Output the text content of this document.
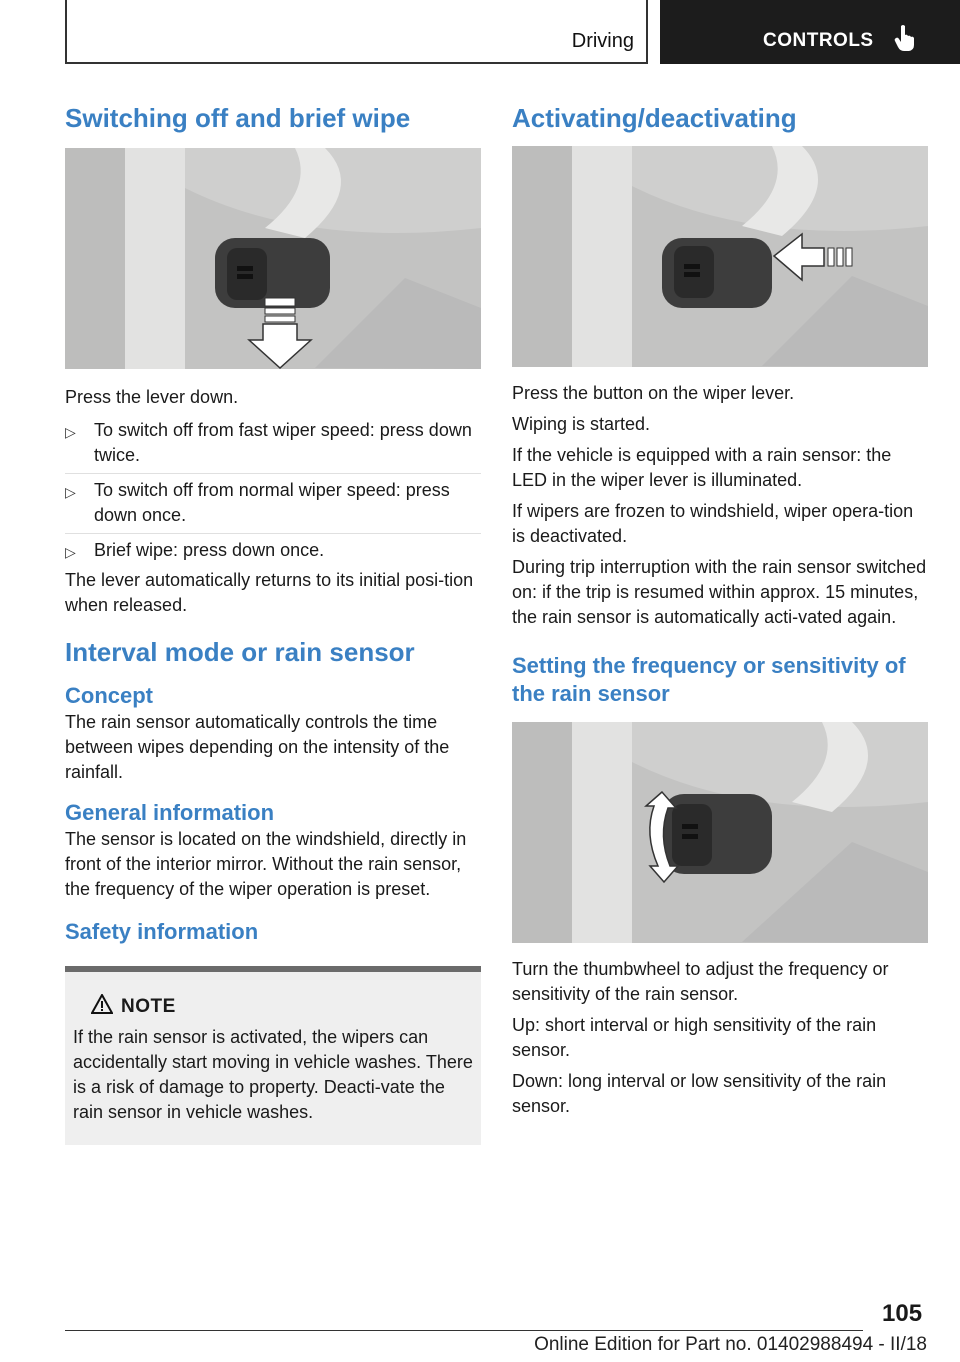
Driving	CONTROLS
Switching off and brief wipe

Press the lever down.

▷ To switch off from fast wiper speed: press down twice.
▷ To switch off from normal wiper speed: press down once.
▷ Brief wipe: press down once.

The lever automatically returns to its initial posi‐tion when released.

Interval mode or rain sensor
Concept

The rain sensor automatically controls the time between wipes depending on the intensity of the rainfall.

General information

The sensor is located on the windshield, directly in front of the interior mirror. Without the rain sensor, the frequency of the wiper operation is preset.

Safety information
NOTE

If the rain sensor is activated, the wipers can accidentally start moving in vehicle washes. There is a risk of damage to property. Deacti‐vate the rain sensor in vehicle washes.

Activating/deactivating

Press the button on the wiper lever.

Wiping is started.

If the vehicle is equipped with a rain sensor: the LED in the wiper lever is illuminated.

If wipers are frozen to windshield, wiper opera‐tion is deactivated.

During trip interruption with the rain sensor switched on: if the trip is resumed within approx. 15 minutes, the rain sensor is automatically acti‐vated again.

Setting the frequency or sensitivity of the rain sensor

Turn the thumbwheel to adjust the frequency or sensitivity of the rain sensor.

Up: short interval or high sensitivity of the rain sensor.

Down: long interval or low sensitivity of the rain sensor.

105
Online Edition for Part no. 01402988494 - II/18
